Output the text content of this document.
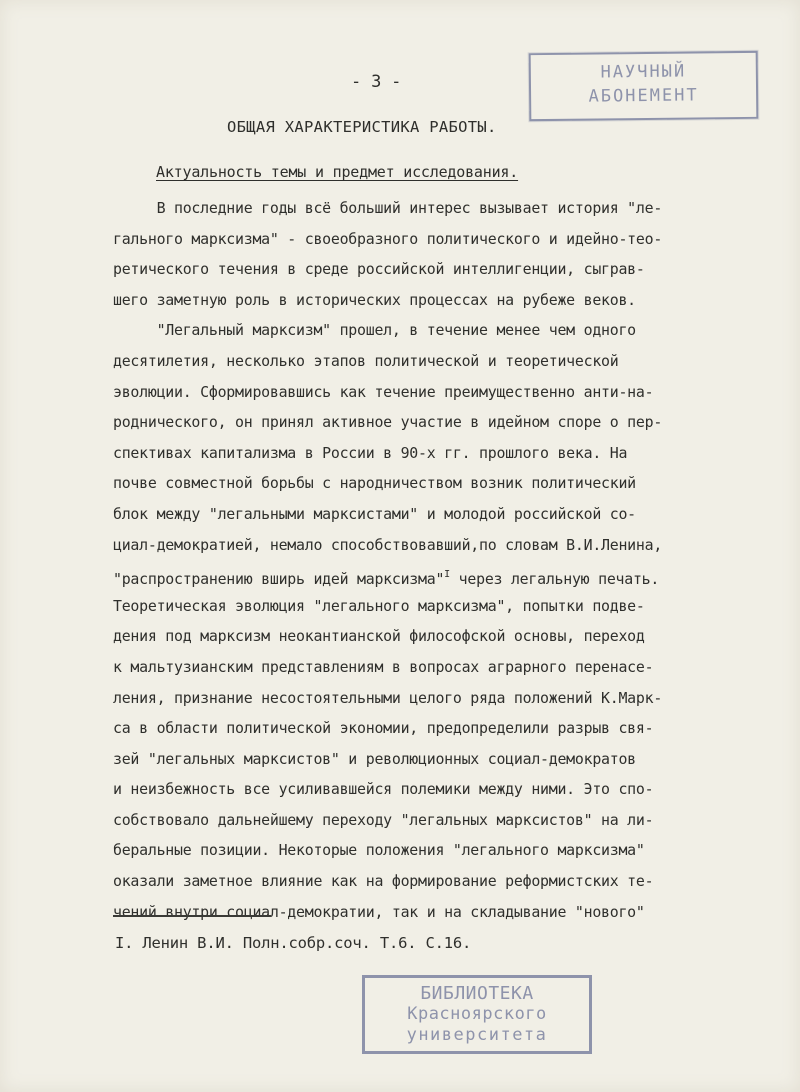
- 3 -	НАУЧНЫЙ
АБОНЕМЕНТ
ОБЩАЯ ХАРАКТЕРИСТИКА РАБОТЫ.
Актуальность темы и предмет исследования.
В последние годы всё больший интерес вызывает история "ле-
гального марксизма" - своеобразного политического и идейно-тео-
ретического течения в среде российской интеллигенции, сыграв-
шего заметную роль в исторических процессах на рубеже веков.
"Легальный марксизм" прошел, в течение менее чем одного
десятилетия, несколько этапов политической и теоретической
эволюции. Сформировавшись как течение преимущественно анти-на-
роднического, он принял активное участие в идейном споре о пер-
спективах капитализма в России в 90-х гг. прошлого века. На
почве совместной борьбы с народничеством возник политический
блок между "легальными марксистами" и молодой российской со-
циал-демократией, немало способствовавший,по словам В.И.Ленина,
"распространению вширь идей марксизма"$^I$ через легальную печать.
Теоретическая эволюция "легального марксизма", попытки подве-
дения под марксизм неокантианской философской основы, переход
к мальтузианским представлениям в вопросах аграрного перенасе-
ления, признание несостоятельными целого ряда положений К.Марк-
са в области политической экономии, предопределили разрыв свя-
зей "легальных марксистов" и революционных социал-демократов
и неизбежность все усиливавшейся полемики между ними. Это спо-
собствовало дальнейшему переходу "легальных марксистов" на ли-
беральные позиции. Некоторые положения "легального марксизма"
оказали заметное влияние как на формирование реформистских те-
чений внутри социал-демократии, так и на складывание "нового"
I. Ленин В.И. Полн.собр.соч. Т.6. С.16.
БИБЛИОТЕКА
Красноярского
университета
